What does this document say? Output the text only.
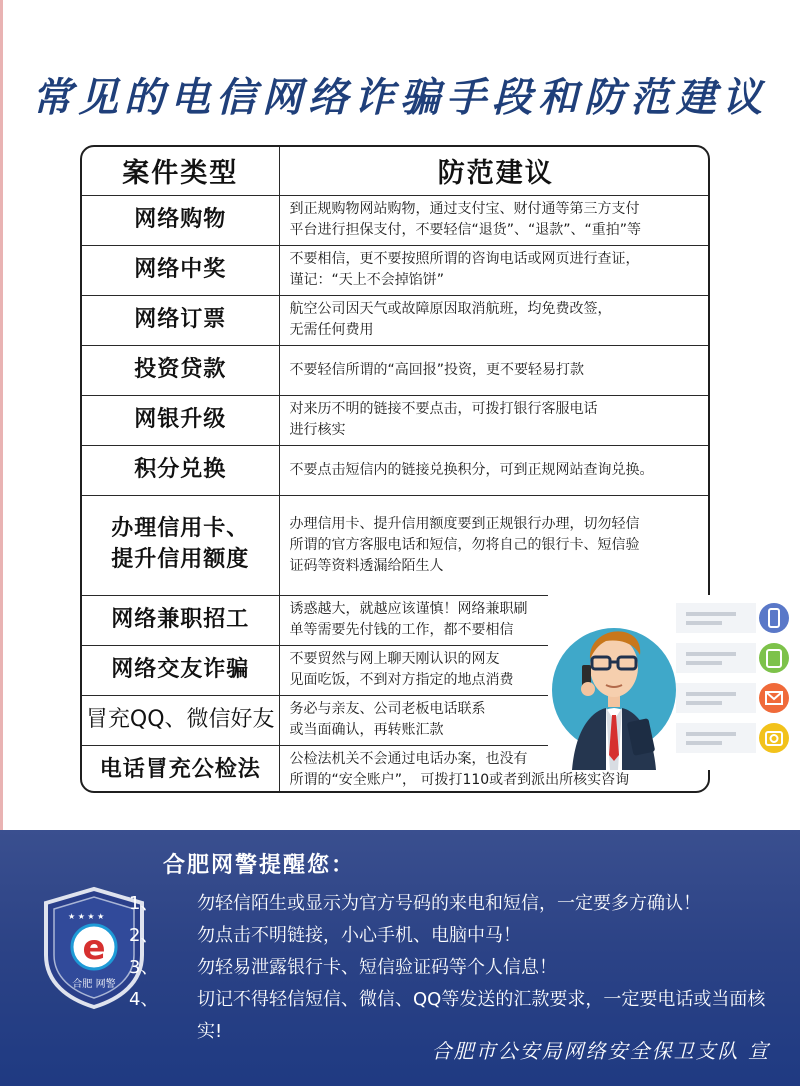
常见的电信网络诈骗手段和防范建议
案件类型	防范建议
网络购物	到正规购物网站购物，通过支付宝、财付通等第三方支付
平台进行担保支付，不要轻信“退货”、“退款”、“重拍”等

网络中奖	不要相信，更不要按照所谓的咨询电话或网页进行查证，
谨记：“天上不会掉馅饼”

网络订票	航空公司因天气或故障原因取消航班，均免费改签，
无需任何费用

投资贷款	不要轻信所谓的“高回报”投资，更不要轻易打款

网银升级	对来历不明的链接不要点击，可拨打银行客服电话
进行核实

积分兑换	不要点击短信内的链接兑换积分，可到正规网站查询兑换。

办理信用卡、
提升信用额度	办理信用卡、提升信用额度要到正规银行办理，切勿轻信
所谓的官方客服电话和短信，勿将自己的银行卡、短信验
证码等资料透漏给陌生人

网络兼职招工	诱惑越大，就越应该谨慎！网络兼职刷
单等需要先付钱的工作，都不要相信

网络交友诈骗	不要贸然与网上聊天刚认识的网友
见面吃饭，不到对方指定的地点消费

冒充QQ、微信好友	务必与亲友、公司老板电话联系
或当面确认，再转账汇款

电话冒充公检法	公检法机关不会通过电话办案，也没有
所谓的“安全账户”， 可拨打110或者到派出所核实咨询
★ ★ ★ ★
e
合肥 网警
合肥网警提醒您：
1、 勿轻信陌生或显示为官方号码的来电和短信，一定要多方确认！
2、 勿点击不明链接，小心手机、电脑中马！
3、 勿轻易泄露银行卡、短信验证码等个人信息！
4、 切记不得轻信短信、微信、QQ等发送的汇款要求，一定要电话或当面核实!
合肥市公安局网络安全保卫支队 宣
